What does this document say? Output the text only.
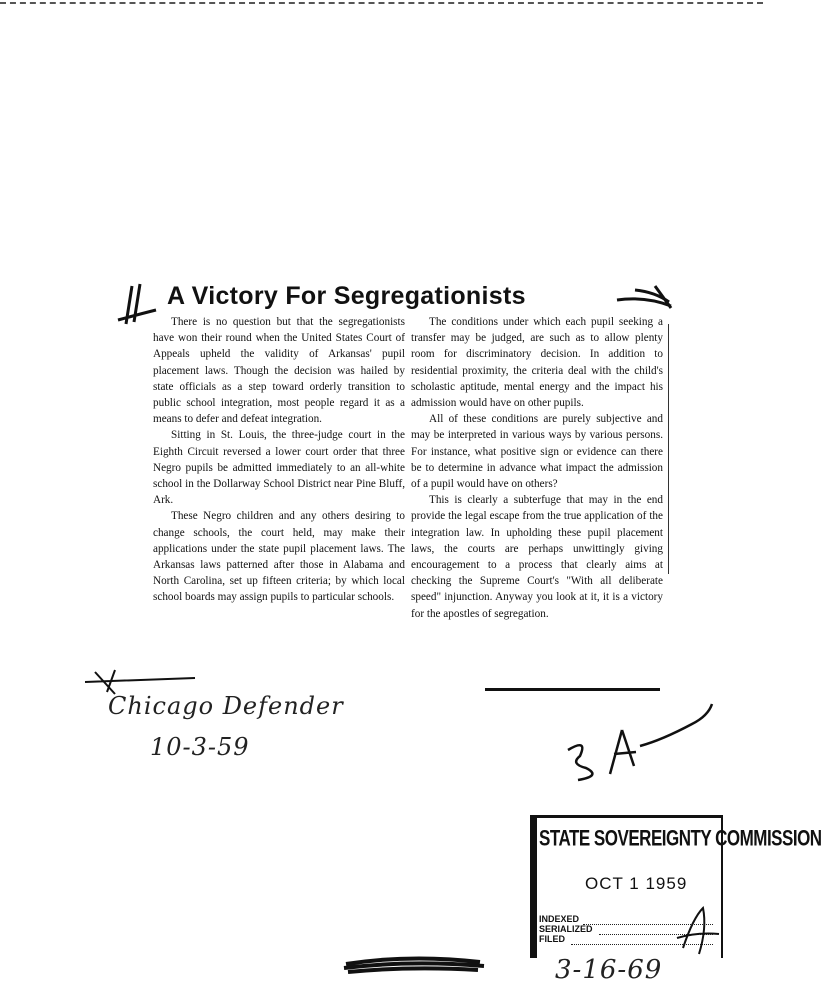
A Victory For Segregationists

There is no question but that the segregationists have won their round when the United States Court of Appeals upheld the validity of Arkansas' pupil placement laws. Though the decision was hailed by state officials as a step toward orderly transition to public school integration, most people regard it as a means to defer and defeat integration.

Sitting in St. Louis, the three-judge court in the Eighth Circuit reversed a lower court order that three Negro pupils be admitted immediately to an all-white school in the Dollarway School District near Pine Bluff, Ark.

These Negro children and any others desiring to change schools, the court held, may make their applications under the state pupil placement laws. The Arkansas laws patterned after those in Alabama and North Carolina, set up fifteen criteria; by which local school boards may assign pupils to particular schools.

The conditions under which each pupil seeking a transfer may be judged, are such as to allow plenty room for discriminatory decision. In addition to residential proximity, the criteria deal with the child's scholastic aptitude, mental energy and the impact his admission would have on other pupils.

All of these conditions are purely subjective and may be interpreted in various ways by various persons. For instance, what positive sign or evidence can there be to determine in advance what impact the admission of a pupil would have on others?

This is clearly a subterfuge that may in the end provide the legal escape from the true application of the integration law. In upholding these pupil placement laws, the courts are perhaps unwittingly giving encouragement to a process that clearly aims at checking the Supreme Court's "With all deliberate speed" injunction. Anyway you look at it, it is a victory for the apostles of segregation.

Chicago Defender
10-3-59
STATE SOVEREIGNTY COMMISSION
OCT 1 1959
INDEXED
SERIALIZED
FILED
3-16-69
